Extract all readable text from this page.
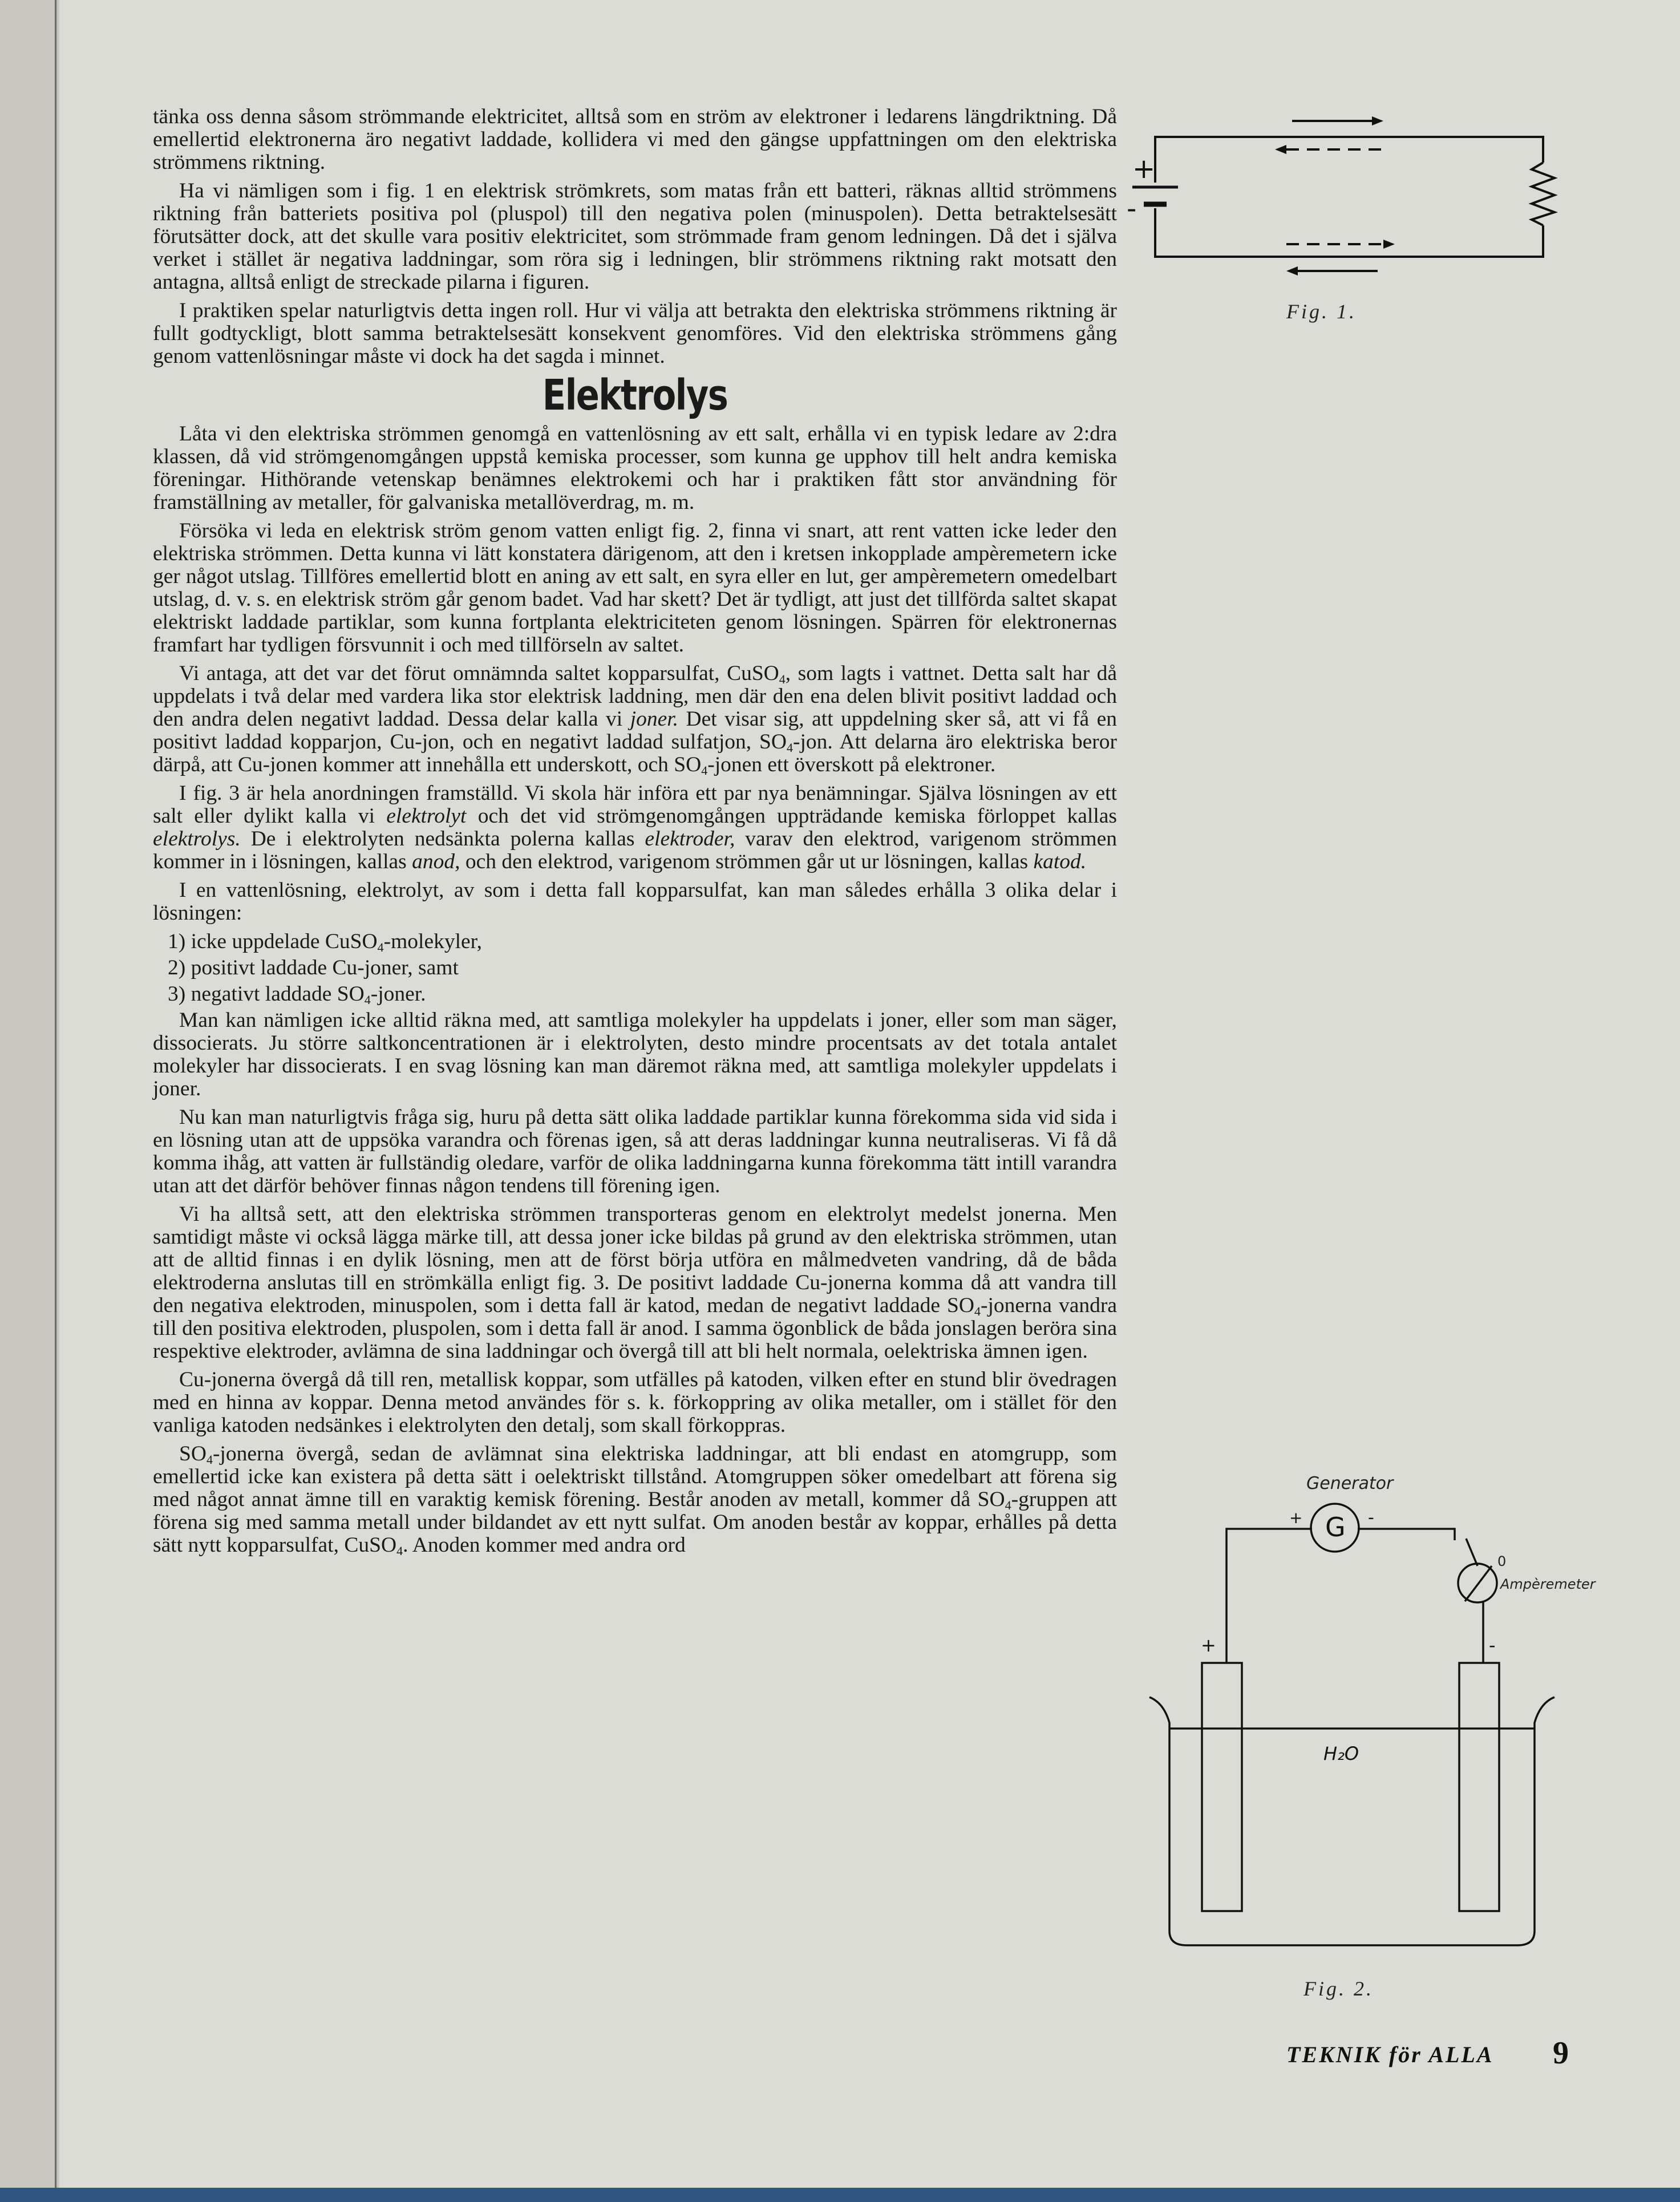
tänka oss denna såsom strömmande elektricitet, alltså som en ström av elektroner i ledarens längdriktning. Då emellertid elektronerna äro negativt laddade, kollidera vi med den gängse uppfattningen om den elektriska strömmens riktning.

Ha vi nämligen som i fig. 1 en elektrisk strömkrets, som matas från ett batteri, räknas alltid strömmens riktning från batteriets positiva pol (pluspol) till den negativa polen (minuspolen). Detta betraktelsesätt förutsätter dock, att det skulle vara positiv elektricitet, som strömmade fram genom ledningen. Då det i själva verket i stället är negativa laddningar, som röra sig i ledningen, blir strömmens riktning rakt motsatt den antagna, alltså enligt de streckade pilarna i figuren.

I praktiken spelar naturligtvis detta ingen roll. Hur vi välja att betrakta den elektriska strömmens riktning är fullt godtyckligt, blott samma betraktelsesätt konsekvent genomföres. Vid den elektriska strömmens gång genom vattenlösningar måste vi dock ha det sagda i minnet.

Elektrolys

Låta vi den elektriska strömmen genomgå en vattenlösning av ett salt, erhålla vi en typisk ledare av 2:dra klassen, då vid strömgenomgången uppstå kemiska processer, som kunna ge upphov till helt andra kemiska föreningar. Hithörande vetenskap benämnes elektrokemi och har i praktiken fått stor användning för framställning av metaller, för galvaniska metallöverdrag, m. m.

Försöka vi leda en elektrisk ström genom vatten enligt fig. 2, finna vi snart, att rent vatten icke leder den elektriska strömmen. Detta kunna vi lätt konstatera därigenom, att den i kretsen inkopplade ampèremetern icke ger något utslag. Tillföres emellertid blott en aning av ett salt, en syra eller en lut, ger ampèremetern omedelbart utslag, d. v. s. en elektrisk ström går genom badet. Vad har skett? Det är tydligt, att just det tillförda saltet skapat elektriskt laddade partiklar, som kunna fortplanta elektriciteten genom lösningen. Spärren för elektronernas framfart har tydligen försvunnit i och med tillförseln av saltet.

Vi antaga, att det var det förut omnämnda saltet kopparsulfat, CuSO$_4$, som lagts i vattnet. Detta salt har då uppdelats i två delar med vardera lika stor elektrisk laddning, men där den ena delen blivit positivt laddad och den andra delen negativt laddad. Dessa delar kalla vi joner. Det visar sig, att uppdelning sker så, att vi få en positivt laddad kopparjon, Cu-jon, och en negativt laddad sulfatjon, $SO_4$-jon. Att delarna äro elektriska beror därpå, att Cu-jonen kommer att innehålla ett underskott, och $SO_4$-jonen ett överskott på elektroner.

I fig. 3 är hela anordningen framställd. Vi skola här införa ett par nya benämningar. Själva lösningen av ett salt eller dylikt kalla vi elektrolyt och det vid strömgenomgången uppträdande kemiska förloppet kallas elektrolys. De i elektrolyten nedsänkta polerna kallas elektroder, varav den elektrod, varigenom strömmen kommer in i lösningen, kallas anod, och den elektrod, varigenom strömmen går ut ur lösningen, kallas katod.

I en vattenlösning, elektrolyt, av som i detta fall kopparsulfat, kan man således erhålla 3 olika delar i lösningen:

1) icke uppdelade CuSO$_4$-molekyler,
2) positivt laddade Cu-joner, samt
3) negativt laddade $SO_4$-joner.

Man kan nämligen icke alltid räkna med, att samtliga molekyler ha uppdelats i joner, eller som man säger, dissocierats. Ju större saltkoncentrationen är i elektrolyten, desto mindre procentsats av det totala antalet molekyler har dissocierats. I en svag lösning kan man däremot räkna med, att samtliga molekyler uppdelats i joner.

Nu kan man naturligtvis fråga sig, huru på detta sätt olika laddade partiklar kunna förekomma sida vid sida i en lösning utan att de uppsöka varandra och förenas igen, så att deras laddningar kunna neutraliseras. Vi få då komma ihåg, att vatten är fullständig oledare, varför de olika laddningarna kunna förekomma tätt intill varandra utan att det därför behöver finnas någon tendens till förening igen.

Vi ha alltså sett, att den elektriska strömmen transporteras genom en elektrolyt medelst jonerna. Men samtidigt måste vi också lägga märke till, att dessa joner icke bildas på grund av den elektriska strömmen, utan att de alltid finnas i en dylik lösning, men att de först börja utföra en målmedveten vandring, då de båda elektroderna anslutas till en strömkälla enligt fig. 3. De positivt laddade Cu-jonerna komma då att vandra till den negativa elektroden, minuspolen, som i detta fall är katod, medan de negativt laddade $SO_4$-jonerna vandra till den positiva elektroden, pluspolen, som i detta fall är anod. I samma ögonblick de båda jonslagen beröra sina respektive elektroder, avlämna de sina laddningar och övergå till att bli helt normala, oelektriska ämnen igen.

Cu-jonerna övergå då till ren, metallisk koppar, som utfälles på katoden, vilken efter en stund blir övedragen med en hinna av koppar. Denna metod användes för s. k. förkoppring av olika metaller, om i stället för den vanliga katoden nedsänkes i elektrolyten den detalj, som skall förkoppras.

$SO_4$-jonerna övergå, sedan de avlämnat sina elektriska laddningar, att bli endast en atomgrupp, som emellertid icke kan existera på detta sätt i oelektriskt tillstånd. Atomgruppen söker omedelbart att förena sig med något annat ämne till en varaktig kemisk förening. Består anoden av metall, kommer då $SO_4$-gruppen att förena sig med samma metall under bildandet av ett nytt sulfat. Om anoden består av koppar, erhålles på detta sätt nytt kopparsulfat, CuSO$_4$. Anoden kommer med andra ord

+
-
Fig. 1.
Generator
G
+	-
0
Ampèremeter
+	-
H₂O
Fig. 2.
TEKNIK för ALLA 9
